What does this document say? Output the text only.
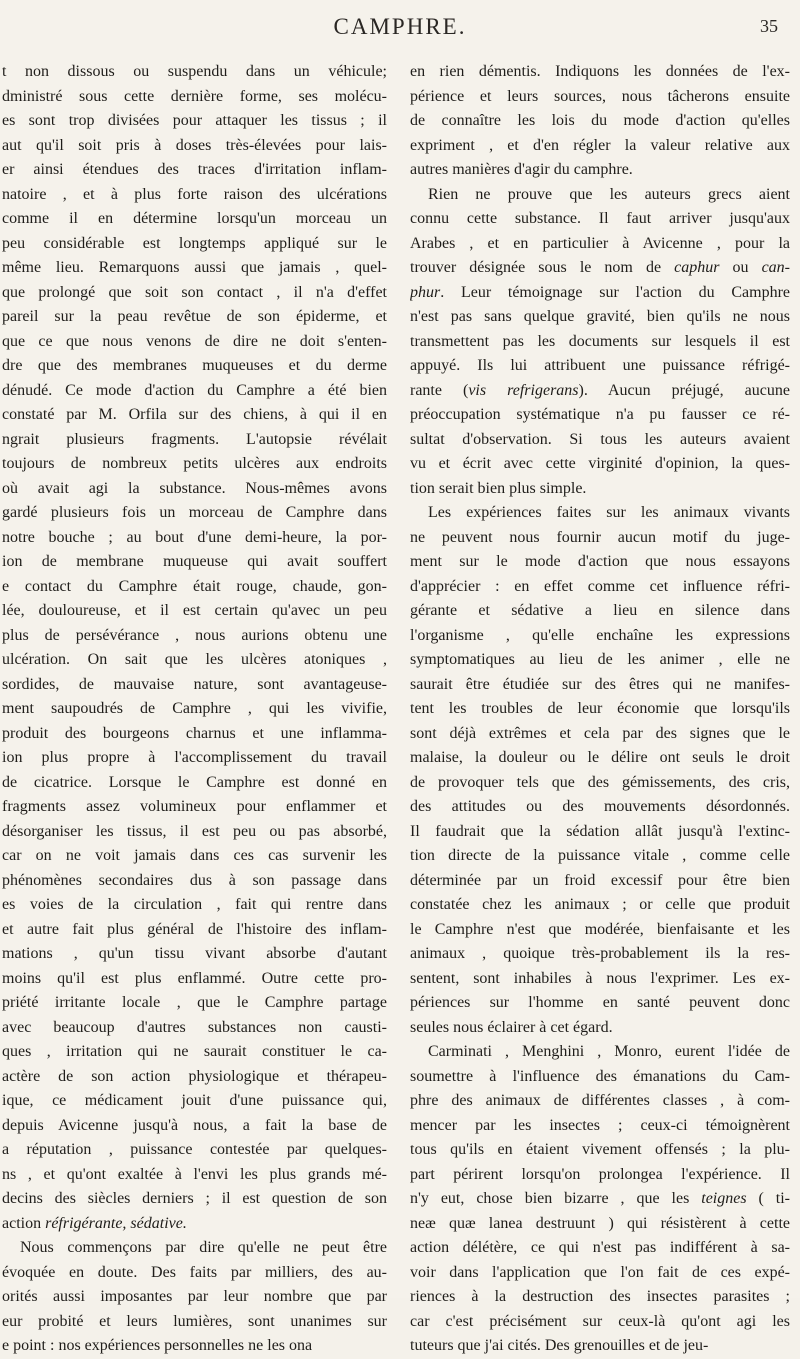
CAMPHRE.	35
t non dissous ou suspendu dans un véhicule;
dministré sous cette dernière forme, ses molécu-
es sont trop divisées pour attaquer les tissus ; il
aut qu'il soit pris à doses très-élevées pour lais-
er ainsi étendues des traces d'irritation inflam-
natoire , et à plus forte raison des ulcérations
comme il en détermine lorsqu'un morceau un
peu considérable est longtemps appliqué sur le
même lieu. Remarquons aussi que jamais , quel-
que prolongé que soit son contact , il n'a d'effet
pareil sur la peau revêtue de son épiderme, et
que ce que nous venons de dire ne doit s'enten-
dre que des membranes muqueuses et du derme
dénudé. Ce mode d'action du Camphre a été bien
constaté par M. Orfila sur des chiens, à qui il en
ngrait plusieurs fragments. L'autopsie révélait
toujours de nombreux petits ulcères aux endroits
où avait agi la substance. Nous-mêmes avons
gardé plusieurs fois un morceau de Camphre dans
notre bouche ; au bout d'une demi-heure, la por-
ion de membrane muqueuse qui avait souffert
e contact du Camphre était rouge, chaude, gon-
lée, douloureuse, et il est certain qu'avec un peu
plus de persévérance , nous aurions obtenu une
ulcération. On sait que les ulcères atoniques ,
sordides, de mauvaise nature, sont avantageuse-
ment saupoudrés de Camphre , qui les vivifie,
produit des bourgeons charnus et une inflamma-
ion plus propre à l'accomplissement du travail
de cicatrice. Lorsque le Camphre est donné en
fragments assez volumineux pour enflammer et
désorganiser les tissus, il est peu ou pas absorbé,
car on ne voit jamais dans ces cas survenir les
phénomènes secondaires dus à son passage dans
es voies de la circulation , fait qui rentre dans
et autre fait plus général de l'histoire des inflam-
mations , qu'un tissu vivant absorbe d'autant
moins qu'il est plus enflammé. Outre cette pro-
priété irritante locale , que le Camphre partage
avec beaucoup d'autres substances non causti-
ques , irritation qui ne saurait constituer le ca-
actère de son action physiologique et thérapeu-
ique, ce médicament jouit d'une puissance qui,
depuis Avicenne jusqu'à nous, a fait la base de
a réputation , puissance contestée par quelques-
ns , et qu'ont exaltée à l'envi les plus grands mé-
decins des siècles derniers ; il est question de son
action réfrigérante, sédative.
Nous commençons par dire qu'elle ne peut être
évoquée en doute. Des faits par milliers, des au-
orités aussi imposantes par leur nombre que par
eur probité et leurs lumières, sont unanimes sur
e point : nos expériences personnelles ne les ona
en rien démentis. Indiquons les données de l'ex-
périence et leurs sources, nous tâcherons ensuite
de connaître les lois du mode d'action qu'elles
expriment , et d'en régler la valeur relative aux
autres manières d'agir du camphre.
Rien ne prouve que les auteurs grecs aient
connu cette substance. Il faut arriver jusqu'aux
Arabes , et en particulier à Avicenne , pour la
trouver désignée sous le nom de caphur ou can-
phur. Leur témoignage sur l'action du Camphre
n'est pas sans quelque gravité, bien qu'ils ne nous
transmettent pas les documents sur lesquels il est
appuyé. Ils lui attribuent une puissance réfrigé-
rante (vis refrigerans). Aucun préjugé, aucune
préoccupation systématique n'a pu fausser ce ré-
sultat d'observation. Si tous les auteurs avaient
vu et écrit avec cette virginité d'opinion, la ques-
tion serait bien plus simple.
Les expériences faites sur les animaux vivants
ne peuvent nous fournir aucun motif du juge-
ment sur le mode d'action que nous essayons
d'apprécier : en effet comme cet influence réfri-
gérante et sédative a lieu en silence dans
l'organisme , qu'elle enchaîne les expressions
symptomatiques au lieu de les animer , elle ne
saurait être étudiée sur des êtres qui ne manifes-
tent les troubles de leur économie que lorsqu'ils
sont déjà extrêmes et cela par des signes que le
malaise, la douleur ou le délire ont seuls le droit
de provoquer tels que des gémissements, des cris,
des attitudes ou des mouvements désordonnés.
Il faudrait que la sédation allât jusqu'à l'extinc-
tion directe de la puissance vitale , comme celle
déterminée par un froid excessif pour être bien
constatée chez les animaux ; or celle que produit
le Camphre n'est que modérée, bienfaisante et les
animaux , quoique très-probablement ils la res-
sentent, sont inhabiles à nous l'exprimer. Les ex-
périences sur l'homme en santé peuvent donc
seules nous éclairer à cet égard.
Carminati , Menghini , Monro, eurent l'idée de
soumettre à l'influence des émanations du Cam-
phre des animaux de différentes classes , à com-
mencer par les insectes ; ceux-ci témoignèrent
tous qu'ils en étaient vivement offensés ; la plu-
part périrent lorsqu'on prolongea l'expérience. Il
n'y eut, chose bien bizarre , que les teignes ( ti-
neæ quæ lanea destruunt ) qui résistèrent à cette
action délétère, ce qui n'est pas indifférent à sa-
voir dans l'application que l'on fait de ces expé-
riences à la destruction des insectes parasites ;
car c'est précisément sur ceux-là qu'ont agi les
tuteurs que j'ai cités. Des grenouilles et de jeu-
